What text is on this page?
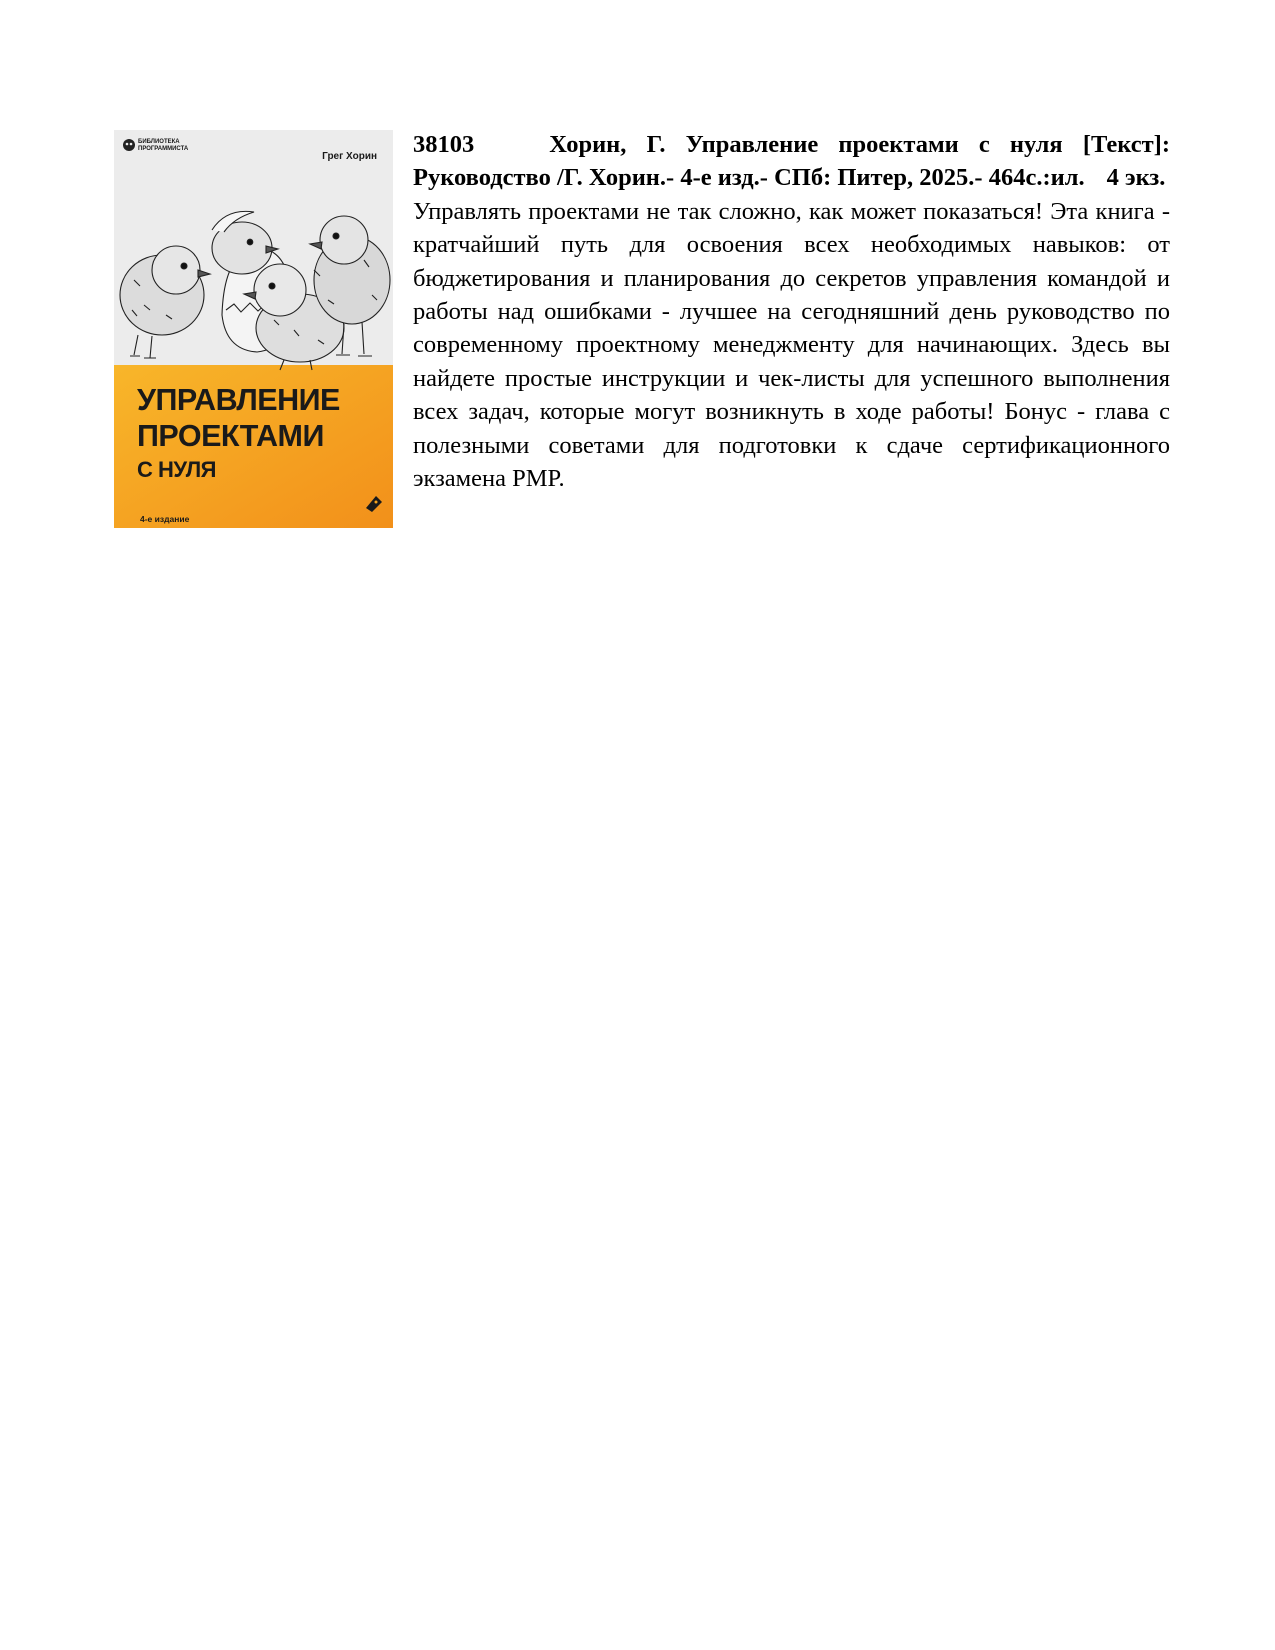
БИБЛИОТЕКА
ПРОГРАММИСТА
Грег Хорин
УПРАВЛЕНИЕ
ПРОЕКТАМИ
С НУЛЯ
4-е издание
38103	Хорин, Г. Управление проектами с нуля [Текст]: Руководство /Г. Хорин.- 4-е изд.- СПб: Питер, 2025.- 464с.:ил. 4 экз.
Управлять проектами не так сложно, как может показаться! Эта книга - кратчайший путь для освоения всех необходимых навыков: от бюджетирования и планирования до секретов управления командой и работы над ошибками - лучшее на сегодняшний день руководство по современному проектному менеджменту для начинающих. Здесь вы найдете простые инструкции и чек-листы для успешного выполнения всех задач, которые могут возникнуть в ходе работы! Бонус - глава с полезными советами для подготовки к сдаче сертификационного экзамена PMP.
